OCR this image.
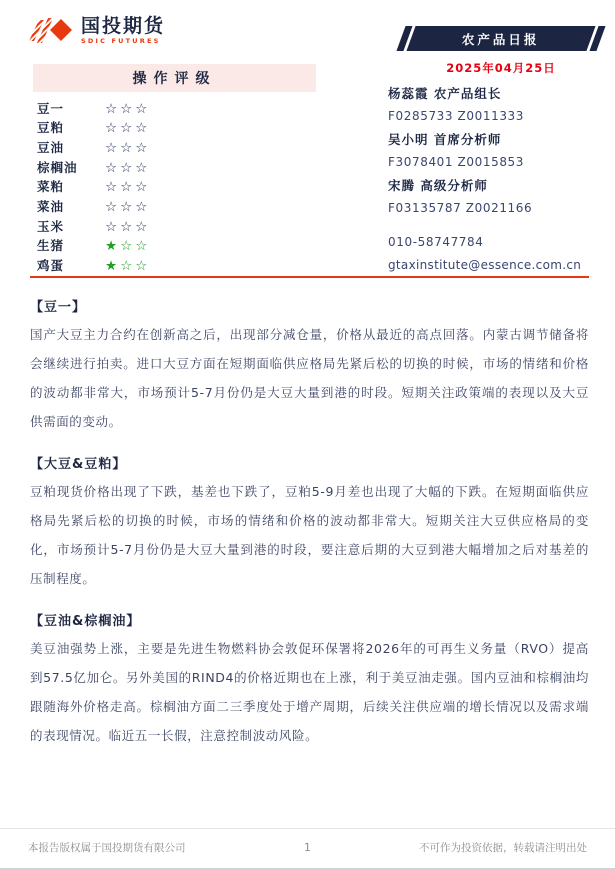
国投期货
SDIC FUTURES	农产品日报
2025年04月25日
操作评级
豆一	☆☆☆
豆粕	☆☆☆
豆油	☆☆☆
棕榈油	☆☆☆
菜粕	☆☆☆
菜油	☆☆☆
玉米	☆☆☆
生猪	★☆☆
鸡蛋	★☆☆
杨蕊霞 农产品组长
F0285733 Z0011333
吴小明 首席分析师
F3078401 Z0015853
宋腾 高级分析师
F03135787 Z0021166
010-58747784
gtaxinstitute@essence.com.cn
【豆一】

国产大豆主力合约在创新高之后，出现部分减仓量，价格从最近的高点回落。内蒙古调节储备将会继续进行拍卖。进口大豆方面在短期面临供应格局先紧后松的切换的时候，市场的情绪和价格的波动都非常大，市场预计5-7月份仍是大豆大量到港的时段。短期关注政策端的表现以及大豆供需面的变动。

【大豆&豆粕】

豆粕现货价格出现了下跌，基差也下跌了，豆粕5-9月差也出现了大幅的下跌。在短期面临供应格局先紧后松的切换的时候，市场的情绪和价格的波动都非常大。短期关注大豆供应格局的变化，市场预计5-7月份仍是大豆大量到港的时段，要注意后期的大豆到港大幅增加之后对基差的压制程度。

【豆油&棕榈油】

美豆油强势上涨，主要是先进生物燃料协会敦促环保署将2026年的可再生义务量（RVO）提高到57.5亿加仑。另外美国的RIND4的价格近期也在上涨，利于美豆油走强。国内豆油和棕榈油均跟随海外价格走高。棕榈油方面二三季度处于增产周期，后续关注供应端的增长情况以及需求端的表现情况。临近五一长假，注意控制波动风险。

本报告版权属于国投期货有限公司	1	不可作为投资依据，转载请注明出处
